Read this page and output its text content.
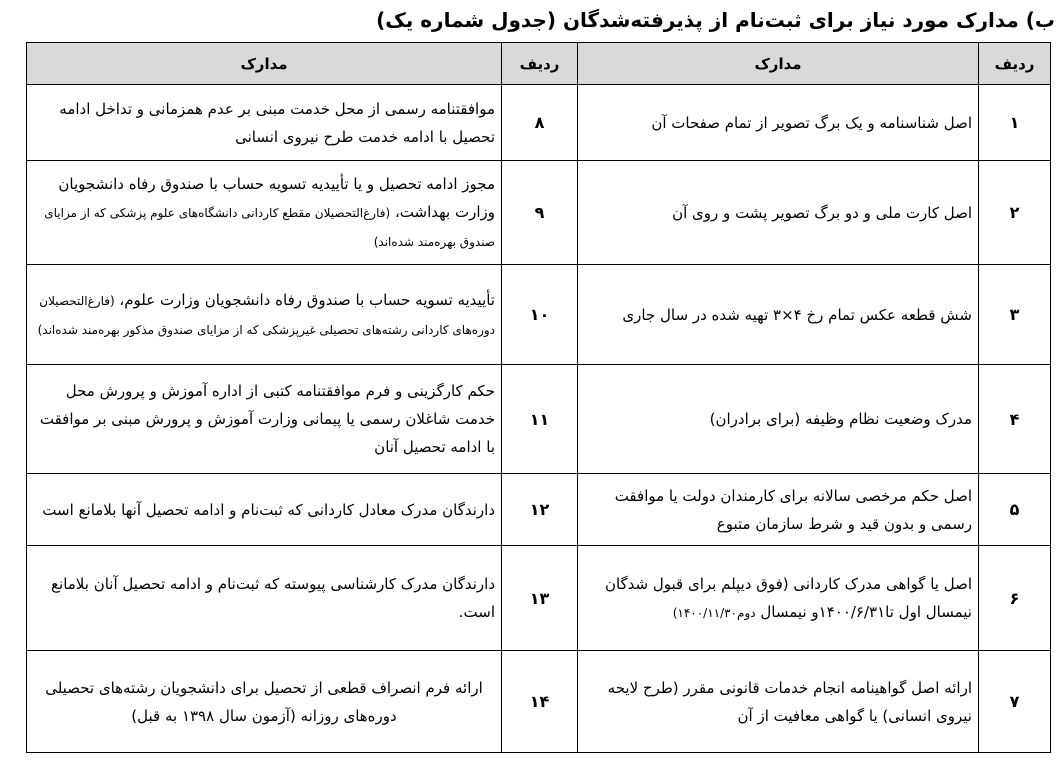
ب) مدارک مورد نیاز برای ثبت‌نام از پذیرفته‌شدگان (جدول شماره یک)
ردیف	مدارک	ردیف	مدارک
۱	اصل شناسنامه و یک برگ تصویر از تمام صفحات آن	۸	موافقتنامه رسمی از محل خدمت مبنی بر عدم همزمانی و تداخل ادامه تحصیل با ادامه خدمت طرح نیروی انسانی
۲	اصل کارت ملی و دو برگ تصویر پشت و روی آن	۹	مجوز ادامه تحصیل و یا تأییدیه تسویه حساب با صندوق رفاه دانشجویان وزارت بهداشت، (فارغ‌التحصیلان مقطع کاردانی دانشگاه‌های علوم پزشکی که از مزایای صندوق بهره‌مند شده‌اند)
۳	شش قطعه عکس تمام رخ ۴×۳ تهیه شده در سال جاری	۱۰	تأییدیه تسویه حساب با صندوق رفاه دانشجویان وزارت علوم، (فارغ‌التحصیلان دوره‌های کاردانی رشته‌های تحصیلی غیرپزشکی که از مزایای صندوق مذکور بهره‌مند شده‌اند)
۴	مدرک وضعیت نظام وظیفه (برای برادران)	۱۱	حکم کارگزینی و فرم موافقتنامه کتبی از اداره آموزش و پرورش محل خدمت شاغلان رسمی یا پیمانی وزارت آموزش و پرورش مبنی بر موافقت با ادامه تحصیل آنان
۵	اصل حکم مرخصی سالانه برای کارمندان دولت یا موافقت رسمی و بدون قید و شرط سازمان متبوع	۱۲	دارندگان مدرک معادل کاردانی که ثبت‌نام و ادامه تحصیل آنها بلامانع است
۶	اصل یا گواهی مدرک کاردانی (فوق دیپلم برای قبول شدگان نیمسال اول تا۱۴۰۰/۶/۳۱و نیمسال دوم۱۴۰۰/۱۱/۳۰)	۱۳	دارندگان مدرک کارشناسی پیوسته که ثبت‌نام و ادامه تحصیل آنان بلامانع است.
۷	ارائه اصل گواهینامه انجام خدمات قانونی مقرر (طرح لایحه نیروی انسانی) یا گواهی معافیت از آن	۱۴	ارائه فرم انصراف قطعی از تحصیل برای دانشجویان رشته‌های تحصیلی دوره‌های روزانه (آزمون سال ۱۳۹۸ به قبل)
